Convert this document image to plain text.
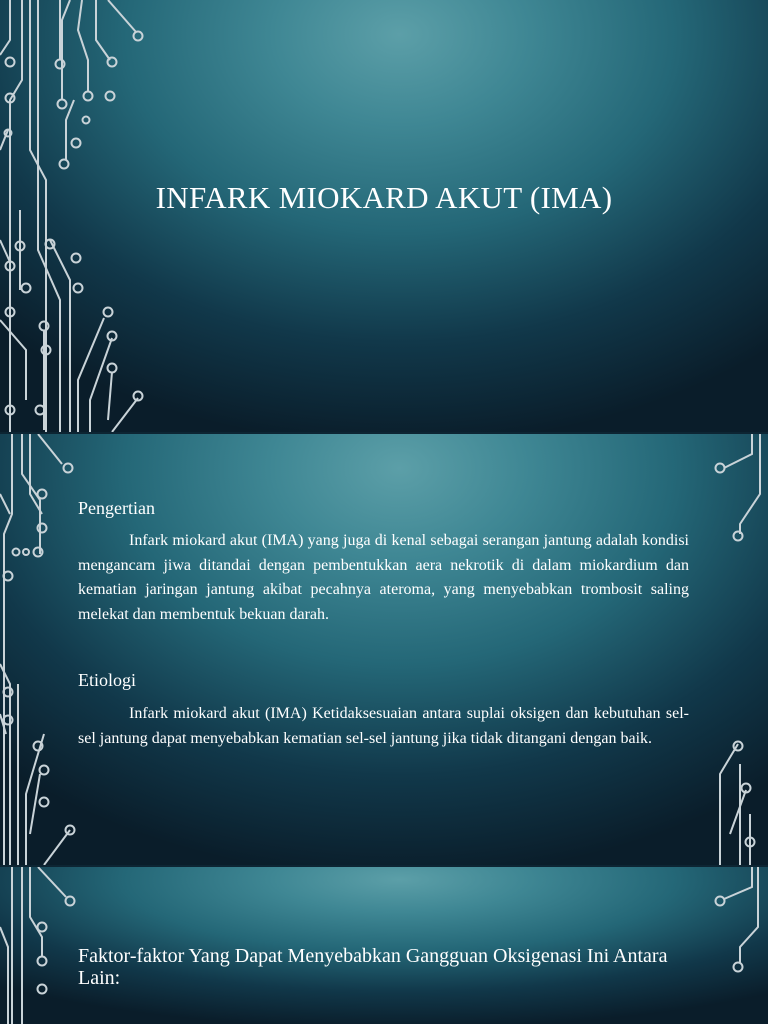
INFARK MIOKARD AKUT (IMA)
Pengertian
Infark miokard akut (IMA) yang juga di kenal sebagai serangan jantung adalah kondisi mengancam jiwa ditandai dengan pembentukkan aera nekrotik di dalam miokardium dan kematian jaringan jantung akibat pecahnya ateroma, yang menyebabkan trombosit saling melekat dan membentuk bekuan darah.
Etiologi
Infark miokard akut (IMA) Ketidaksesuaian antara suplai oksigen dan kebutuhan sel-sel jantung dapat menyebabkan kematian sel-sel jantung jika tidak ditangani dengan baik.
Faktor-faktor Yang Dapat Menyebabkan Gangguan Oksigenasi Ini Antara Lain:
